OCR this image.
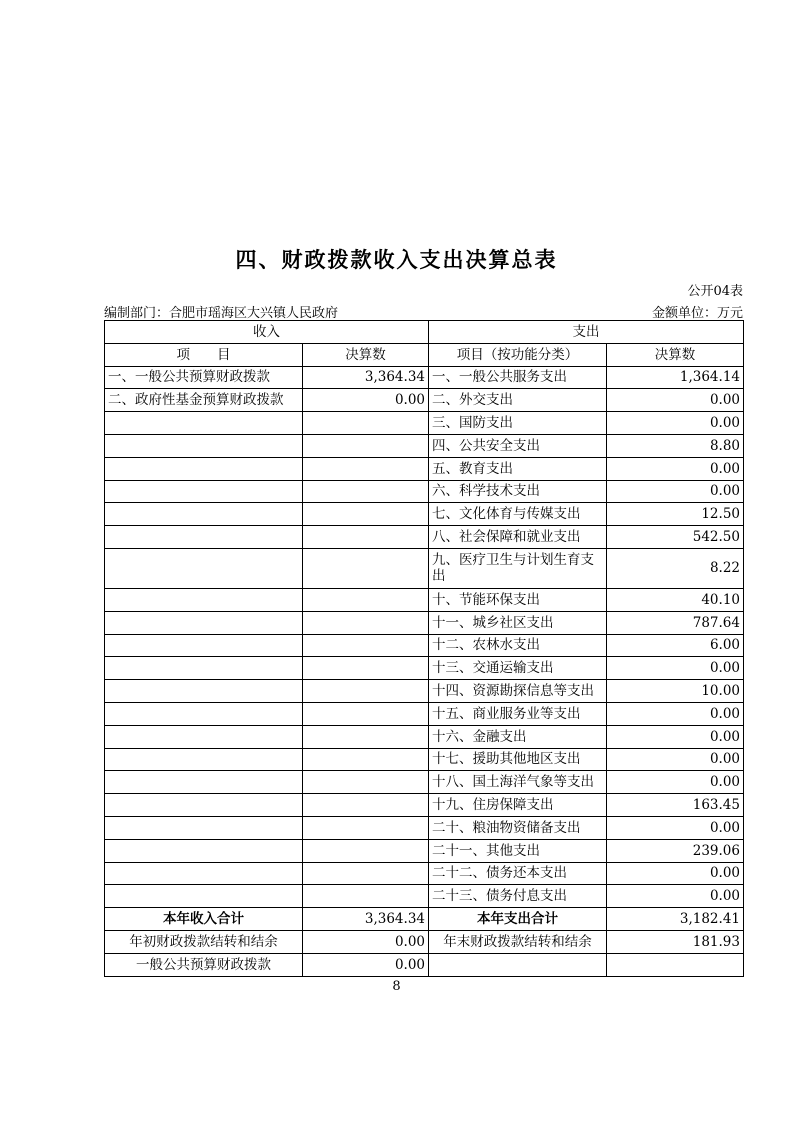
四、财政拨款收入支出决算总表
公开04表
编制部门：合肥市瑶海区大兴镇人民政府	金额单位：万元
收入		支出	
项　　目	决算数	项目（按功能分类）	决算数
一、一般公共预算财政拨款	3,364.34	一、一般公共服务支出	1,364.14
二、政府性基金预算财政拨款	0.00	二、外交支出	0.00
		三、国防支出	0.00
		四、公共安全支出	8.80
		五、教育支出	0.00
		六、科学技术支出	0.00
		七、文化体育与传媒支出	12.50
		八、社会保障和就业支出	542.50
		九、医疗卫生与计划生育支出	8.22
		十、节能环保支出	40.10
		十一、城乡社区支出	787.64
		十二、农林水支出	6.00
		十三、交通运输支出	0.00
		十四、资源勘探信息等支出	10.00
		十五、商业服务业等支出	0.00
		十六、金融支出	0.00
		十七、援助其他地区支出	0.00
		十八、国土海洋气象等支出	0.00
		十九、住房保障支出	163.45
		二十、粮油物资储备支出	0.00
		二十一、其他支出	239.06
		二十二、债务还本支出	0.00
		二十三、债务付息支出	0.00
本年收入合计	3,364.34	本年支出合计	3,182.41
年初财政拨款结转和结余	0.00	年末财政拨款结转和结余	181.93
一般公共预算财政拨款	0.00		
8
